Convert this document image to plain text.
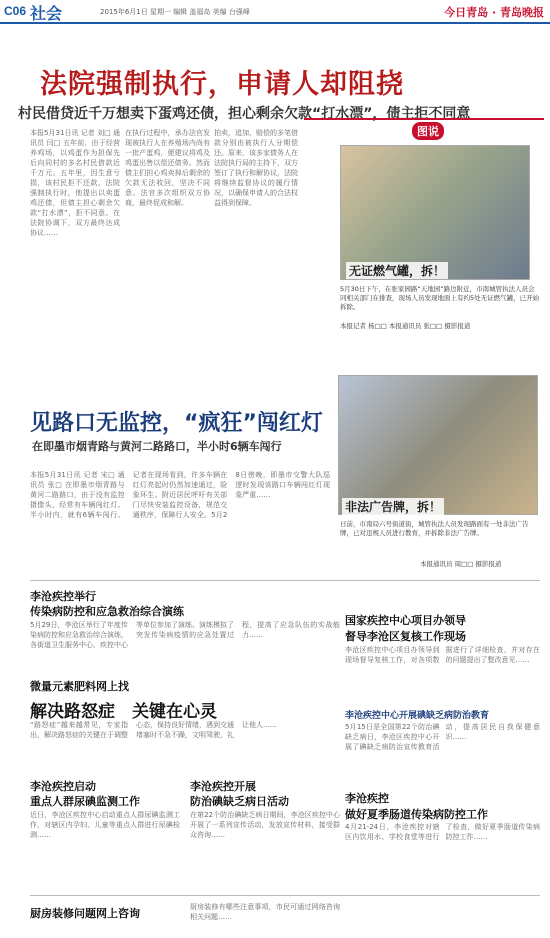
C06 社会	2015年6月1日 星期一 编辑 盖福岛 美编 台强峰	今日青岛 · 青岛晚报
法院强制执行，申请人却阻挠
村民借贷近千万想卖下蛋鸡还债，担心剩余欠款“打水漂”，债主拒不同意
本报5月31日讯 记者 刘□ 通讯员 闫□ 五年前，由于经营养鸡场，以鸡蛋作为担保先后向同村的多名村民借款近千万元。五年里，因生意亏损，该村民拒不还款，法院强制执行时，他提出以卖蛋鸡还债，但债主担心剩余欠款“打水漂”，拒不同意。在法院协调下，双方最终达成协议……
在执行过程中，承办法官发现被执行人在养殖场内尚有一批产蛋鸡，便建议将鸡及鸡蛋出售以偿还债务。然而债主们担心鸡卖掉后剩余的欠款无法收回，坚决不同意。法官多次组织双方协商，最终促成和解。
拍卖，追加、赔偿的多笔借款分别由被执行人分期偿还。原来，该多家债务人在法院执行局的主持下，双方签订了执行和解协议，法院将继续监督协议的履行情况，以确保申请人的合法权益得到保障。
图说
无证燃气罐，拆！
5月30日下午，在张家园路“天地园”路边附近，市南城管执法人员会同相关部门在排查，现场人员发现地面上有约5处无证燃气罐，已开始拆除。
本报记者 杨□□ 本报通讯员 张□□ 摄影报道
见路口无监控，“疯狂”闯红灯
在即墨市烟青路与黄河二路路口，半小时6辆车闯行
本报5月31日讯 记者 宋□ 通讯员 张□ 在即墨市烟青路与黄河二路路口，由于没有监控摄像头，经常有车辆闯红灯。半小时内，就有6辆车闯行。记者在现场看到，许多车辆在红灯亮起时仍然加速通过，险象环生。附近居民呼吁有关部门尽快安装监控设备，规范交通秩序，保障行人安全。5月28日傍晚，即墨市交警大队巡逻时发现该路口车辆闯红灯现象严重……
非法广告牌，拆！
日前，市南局六号街道街，城管执法人员发现路面有一处非法广告牌，已对违规人员进行教育，并拆除非法广告牌。
本报通讯员 周□□ 摄影报道
李沧疾控举行
传染病防控和应急救治综合演练
5月29日，李沧区举行了年度传染病防控和应急救治综合演练，各街道卫生服务中心、疾控中心等单位参加了演练。演练模拟了突发传染病疫情的应急处置过程，提高了应急队伍的实战能力……
国家疾控中心项目办领导
督导李沧区复核工作现场
李沧区疾控中心项目办领导到现场督导复核工作，对各项数据进行了详细检查，并对存在的问题提出了整改意见……
微量元素肥料网上找
解决路怒症　关键在心灵
“路怒症”越来越常见，专家指出，解决路怒症的关键在于调整心态，保持良好情绪，遇到交通堵塞时不急不躁，文明驾驶，礼让他人……
李沧疾控中心开展碘缺乏病防治教育
5月15日是全国第22个防治碘缺乏病日，李沧区疾控中心开展了碘缺乏病防治宣传教育活动，提高居民自我保健意识……
李沧疾控启动
重点人群尿碘监测工作
近日，李沧区疾控中心启动重点人群尿碘监测工作，对辖区内孕妇、儿童等重点人群进行尿碘检测……
李沧疾控开展
防治碘缺乏病日活动
在第22个防治碘缺乏病日期间，李沧区疾控中心开展了一系列宣传活动，发放宣传材料，接受群众咨询……
李沧疾控
做好夏季肠道传染病防控工作
4月21-24日，李沧疾控对辖区内饮用水、学校食堂等进行了检查，做好夏季肠道传染病防控工作……
厨房装修问题网上咨询	厨房装修有哪些注意事项，市民可通过网络咨询相关问题……
